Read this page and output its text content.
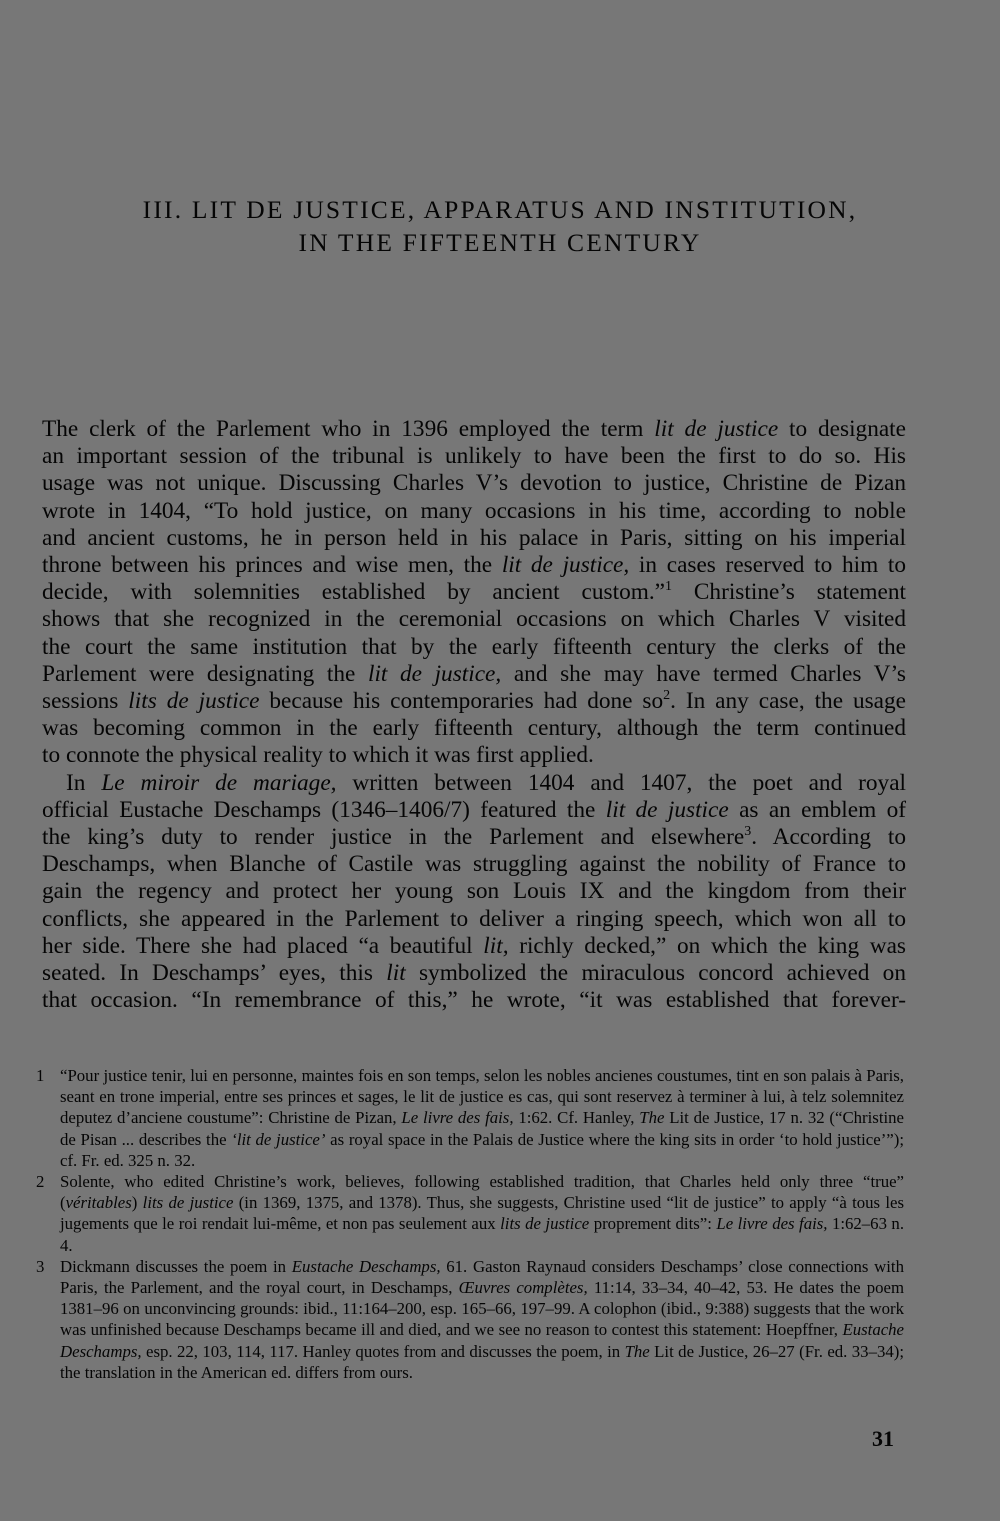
III. LIT DE JUSTICE, APPARATUS AND INSTITUTION,
IN THE FIFTEENTH CENTURY
The clerk of the Parlement who in 1396 employed the term lit de justice to designate
an important session of the tribunal is unlikely to have been the first to do so. His
usage was not unique. Discussing Charles V’s devotion to justice, Christine de Pizan
wrote in 1404, “To hold justice, on many occasions in his time, according to noble
and ancient customs, he in person held in his palace in Paris, sitting on his imperial
throne between his princes and wise men, the lit de justice, in cases reserved to him to
decide, with solemnities established by ancient custom.”$^1$ Christine’s statement
shows that she recognized in the ceremonial occasions on which Charles V visited
the court the same institution that by the early fifteenth century the clerks of the
Parlement were designating the lit de justice, and she may have termed Charles V’s
sessions lits de justice because his contemporaries had done $so^2$. In any case, the usage
was becoming common in the early fifteenth century, although the term continued
to connote the physical reality to which it was first applied.
In Le miroir de mariage, written between 1404 and 1407, the poet and royal
official Eustache Deschamps (1346–1406/7) featured the lit de justice as an emblem of
the king’s duty to render justice in the Parlement and elsewhere$^3$. According to
Deschamps, when Blanche of Castile was struggling against the nobility of France to
gain the regency and protect her young son Louis IX and the kingdom from their
conflicts, she appeared in the Parlement to deliver a ringing speech, which won all to
her side. There she had placed “a beautiful lit, richly decked,” on which the king was
seated. In Deschamps’ eyes, this lit symbolized the miraculous concord achieved on
that occasion. “In remembrance of this,” he wrote, “it was established that forever-
1 “Pour justice tenir, lui en personne, maintes fois en son temps, selon les nobles ancienes coustumes, tint en son palais à Paris, seant en trone imperial, entre ses princes et sages, le lit de justice es cas, qui sont reservez à terminer à lui, à telz solemnitez deputez d’anciene coustume”: Christine de Pizan, Le livre des fais, 1:62. Cf. Hanley, The Lit de Justice, 17 n. 32 (“Christine de Pisan ... describes the ‘lit de justice’ as royal space in the Palais de Justice where the king sits in order ‘to hold justice’”); cf. Fr. ed. 325 n. 32.
2 Solente, who edited Christine’s work, believes, following established tradition, that Charles held only three “true” (véritables) lits de justice (in 1369, 1375, and 1378). Thus, she suggests, Christine used “lit de justice” to apply “à tous les jugements que le roi rendait lui-même, et non pas seulement aux lits de justice proprement dits”: Le livre des fais, 1:62–63 n. 4.
3 Dickmann discusses the poem in Eustache Deschamps, 61. Gaston Raynaud considers Deschamps’ close connections with Paris, the Parlement, and the royal court, in Deschamps, Œuvres complètes, 11:14, 33–34, 40–42, 53. He dates the poem 1381–96 on unconvincing grounds: ibid., 11:164–200, esp. 165–66, 197–99. A colophon (ibid., 9:388) suggests that the work was unfinished because Deschamps became ill and died, and we see no reason to contest this statement: Hoepffner, Eustache Deschamps, esp. 22, 103, 114, 117. Hanley quotes from and discusses the poem, in The Lit de Justice, 26–27 (Fr. ed. 33–34); the translation in the American ed. differs from ours.
31
